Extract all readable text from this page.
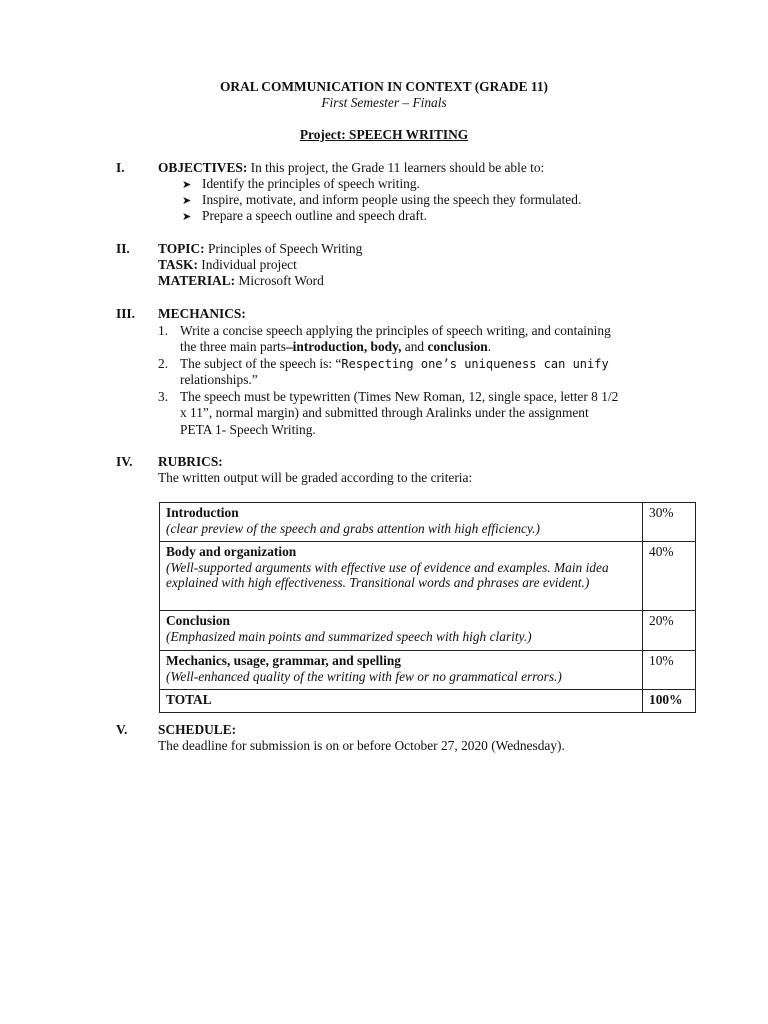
ORAL COMMUNICATION IN CONTEXT (GRADE 11)
First Semester – Finals
Project: SPEECH WRITING
I. OBJECTIVES: In this project, the Grade 11 learners should be able to:
➤ Identify the principles of speech writing.
➤ Inspire, motivate, and inform people using the speech they formulated.
➤ Prepare a speech outline and speech draft.
II. TOPIC: Principles of Speech Writing
TASK: Individual project
MATERIAL: Microsoft Word
III. MECHANICS:
1. Write a concise speech applying the principles of speech writing, and containing
the three main parts–introduction, body, and conclusion.
2. The subject of the speech is: “Respecting one’s uniqueness can unify
relationships.”
3. The speech must be typewritten (Times New Roman, 12, single space, letter 8 1/2
x 11”, normal margin) and submitted through Aralinks under the assignment
PETA 1- Speech Writing.
IV. RUBRICS:
The written output will be graded according to the criteria:
Introduction
(clear preview of the speech and grabs attention with high efficiency.)	30%

Body and organization
(Well-supported arguments with effective use of evidence and examples. Main idea explained with high effectiveness. Transitional words and phrases are evident.)	40%

Conclusion
(Emphasized main points and summarized speech with high clarity.)	20%

Mechanics, usage, grammar, and spelling
(Well-enhanced quality of the writing with few or no grammatical errors.)	10%
TOTAL	100%
V. SCHEDULE:
The deadline for submission is on or before October 27, 2020 (Wednesday).
